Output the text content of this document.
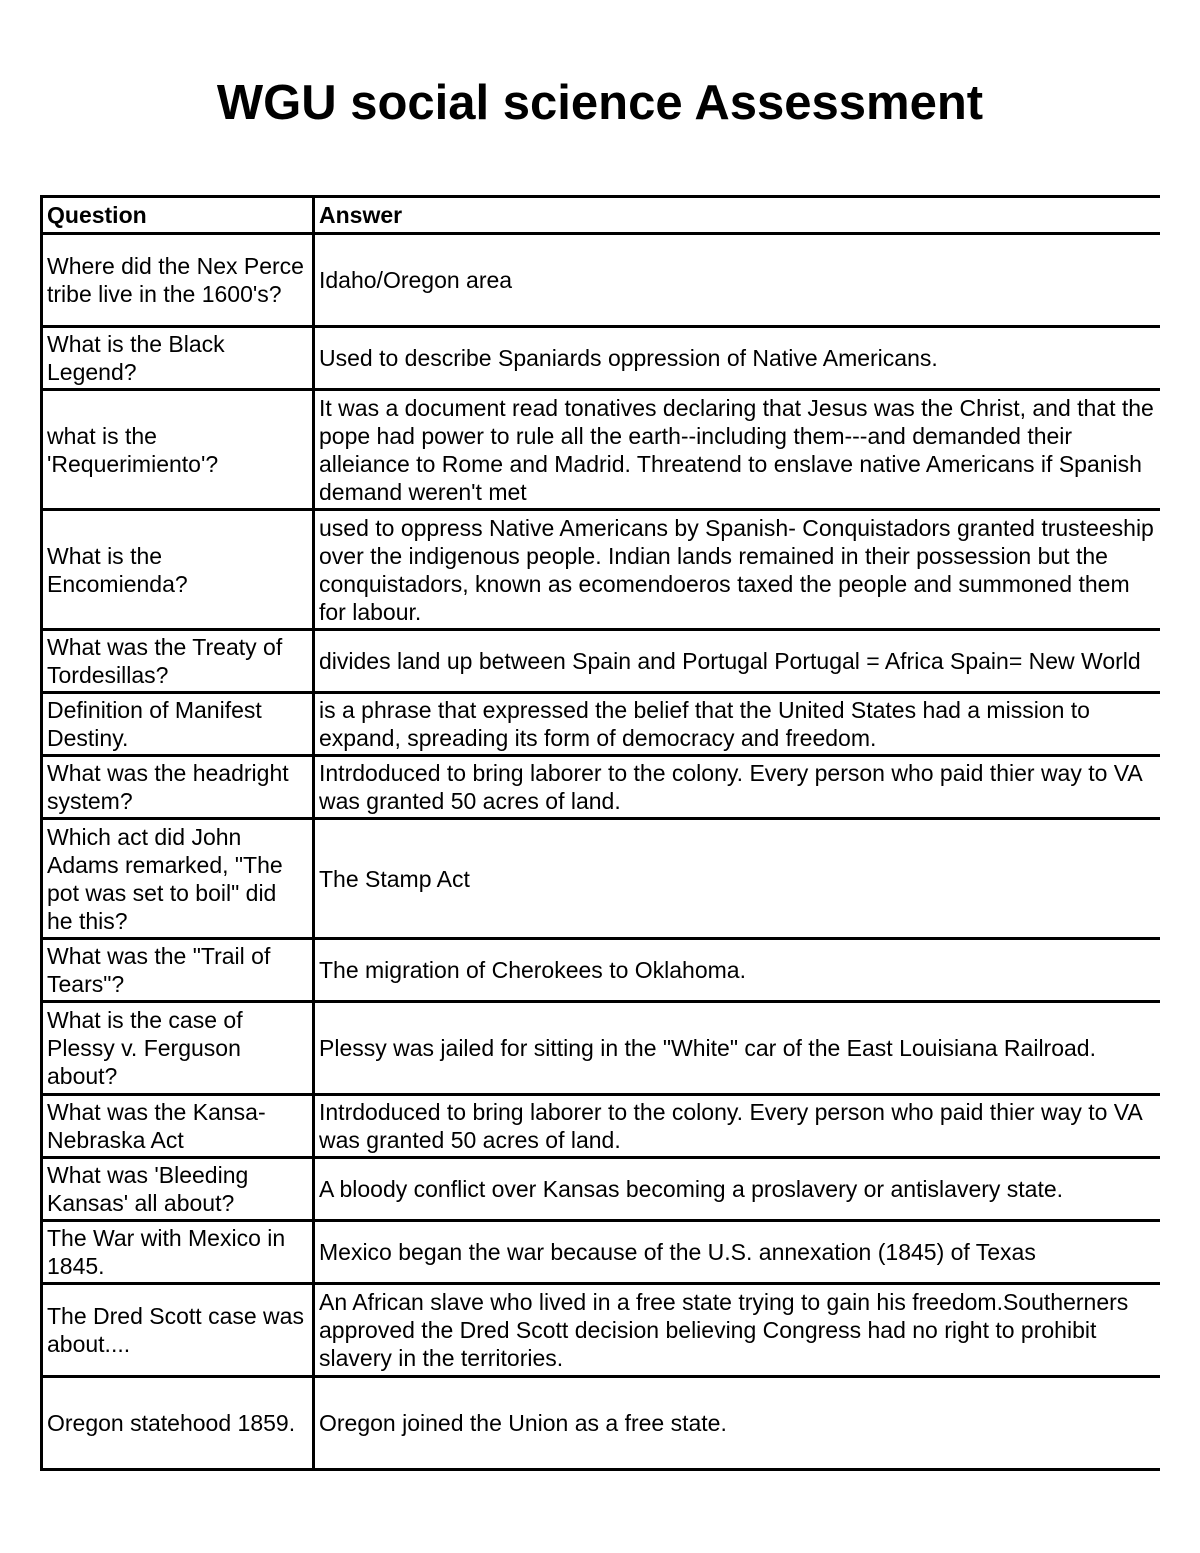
WGU social science Assessment
Question	Answer
Where did the Nex Perce tribe live in the 1600's?	Idaho/Oregon area
What is the Black Legend?	Used to describe Spaniards oppression of Native Americans.
what is the 'Requerimiento'?	It was a document read tonatives declaring that Jesus was the Christ, and that the pope had power to rule all the earth--including them---and demanded their alleiance to Rome and Madrid. Threatend to enslave native Americans if Spanish demand weren't met
What is the Encomienda?	used to oppress Native Americans by Spanish- Conquistadors granted trusteeship over the indigenous people. Indian lands remained in their possession but the conquistadors, known as ecomendoeros taxed the people and summoned them for labour.
What was the Treaty of Tordesillas?	divides land up between Spain and Portugal Portugal = Africa Spain= New World
Definition of Manifest Destiny.	is a phrase that expressed the belief that the United States had a mission to expand, spreading its form of democracy and freedom.
What was the headright system?	Intrdoduced to bring laborer to the colony. Every person who paid thier way to VA was granted 50 acres of land.
Which act did John Adams remarked, "The pot was set to boil" did he this?	The Stamp Act
What was the "Trail of Tears"?	The migration of Cherokees to Oklahoma.
What is the case of Plessy v. Ferguson about?	Plessy was jailed for sitting in the "White" car of the East Louisiana Railroad.
What was the Kansa-Nebraska Act	Intrdoduced to bring laborer to the colony. Every person who paid thier way to VA was granted 50 acres of land.
What was 'Bleeding Kansas' all about?	A bloody conflict over Kansas becoming a proslavery or antislavery state.
The War with Mexico in 1845.	Mexico began the war because of the U.S. annexation (1845) of Texas
The Dred Scott case was about....	An African slave who lived in a free state trying to gain his freedom.Southerners approved the Dred Scott decision believing Congress had no right to prohibit slavery in the territories.
Oregon statehood 1859.	Oregon joined the Union as a free state.
